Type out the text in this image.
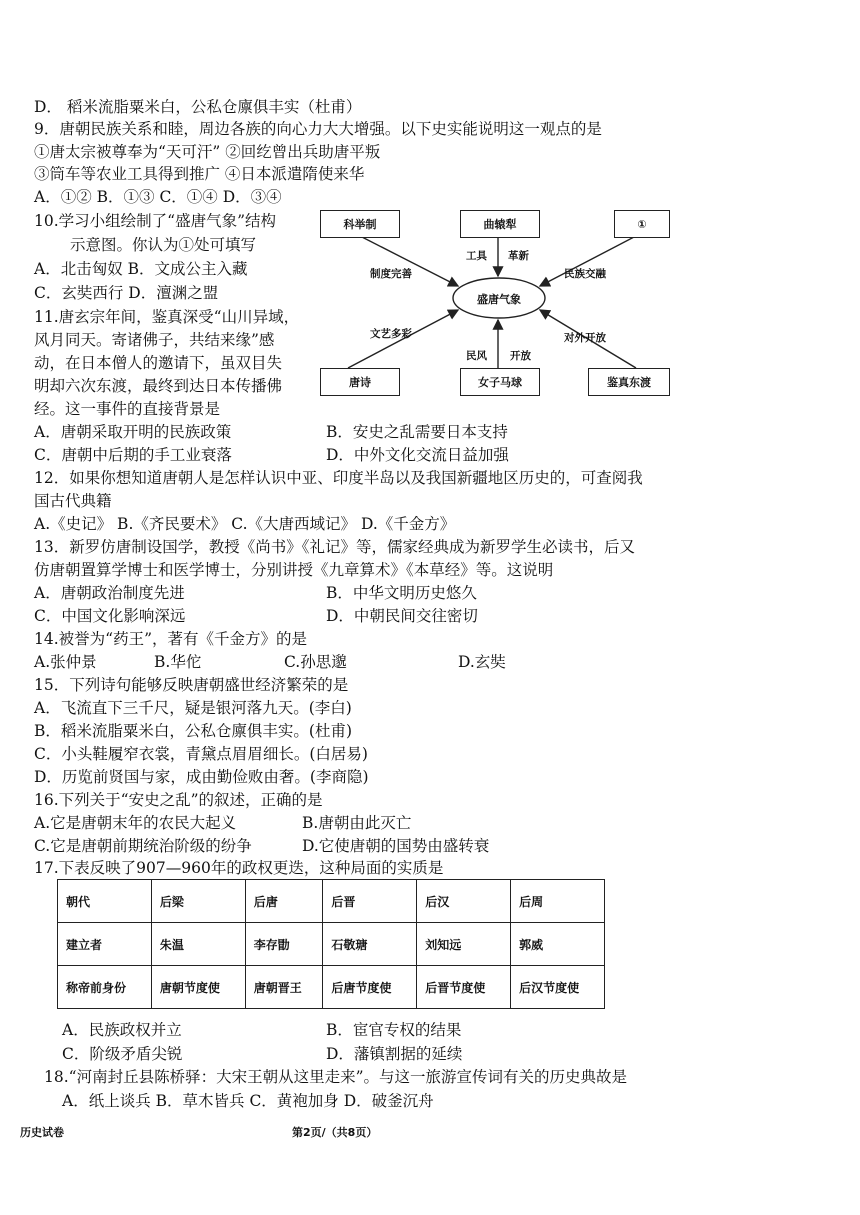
D． 稻米流脂粟米白，公私仓廪俱丰实（杜甫）
9．唐朝民族关系和睦，周边各族的向心力大大增强。以下史实能说明这一观点的是
①唐太宗被尊奉为“天可汗” ②回纥曾出兵助唐平叛
③筒车等农业工具得到推广 ④日本派遣隋使来华
A．①② B．①③ C．①④ D．③④
10.学习小组绘制了“盛唐气象”结构
示意图。你认为①处可填写
A．北击匈奴 B．文成公主入藏
C．玄奘西行 D．澶渊之盟	盛唐气象
科举制	曲辕犁	①
唐诗	女子马球	鉴真东渡
工具 革新
制度完善	民族交融
文艺多彩	对外开放
民风 开放
11.唐玄宗年间，鉴真深受“山川异域，
风月同天。寄诸佛子，共结来缘”感
动，在日本僧人的邀请下，虽双目失
明却六次东渡，最终到达日本传播佛
经。这一事件的直接背景是
A．唐朝采取开明的民族政策	B．安史之乱需要日本支持
C．唐朝中后期的手工业衰落	D．中外文化交流日益加强
12．如果你想知道唐朝人是怎样认识中亚、印度半岛以及我国新疆地区历史的，可查阅我
国古代典籍
A.《史记》 B.《齐民要术》 C.《大唐西域记》 D.《千金方》
13．新罗仿唐制设国学，教授《尚书》《礼记》等，儒家经典成为新罗学生必读书，后又
仿唐朝置算学博士和医学博士，分别讲授《九章算术》《本草经》等。这说明
A．唐朝政治制度先进	B．中华文明历史悠久
C．中国文化影响深远	D．中朝民间交往密切
14.被誉为“药王”，著有《千金方》的是
A.张仲景	B.华佗	C.孙思邈	D.玄奘
15．下列诗句能够反映唐朝盛世经济繁荣的是
A．飞流直下三千尺，疑是银河落九天。(李白)
B．稻米流脂粟米白，公私仓廪俱丰实。(杜甫)
C．小头鞋履窄衣裳，青黛点眉眉细长。(白居易)
D．历览前贤国与家，成由勤俭败由奢。(李商隐)
16.下列关于“安史之乱”的叙述，正确的是
A.它是唐朝末年的农民大起义	B.唐朝由此灭亡
C.它是唐朝前期统治阶级的纷争	D.它使唐朝的国势由盛转衰
17.下表反映了907—960年的政权更迭，这种局面的实质是
朝代	后梁	后唐	后晋	后汉	后周
建立者	朱温	李存勖	石敬瑭	刘知远	郭威
称帝前身份	唐朝节度使	唐朝晋王	后唐节度使	后晋节度使	后汉节度使
A．民族政权并立	B．宦官专权的结果
C．阶级矛盾尖锐	D．藩镇割据的延续
18.“河南封丘县陈桥驿：大宋王朝从这里走来”。与这一旅游宣传词有关的历史典故是
A．纸上谈兵 B．草木皆兵 C．黄袍加身 D．破釜沉舟
历史试卷	第2页/（共8页）
